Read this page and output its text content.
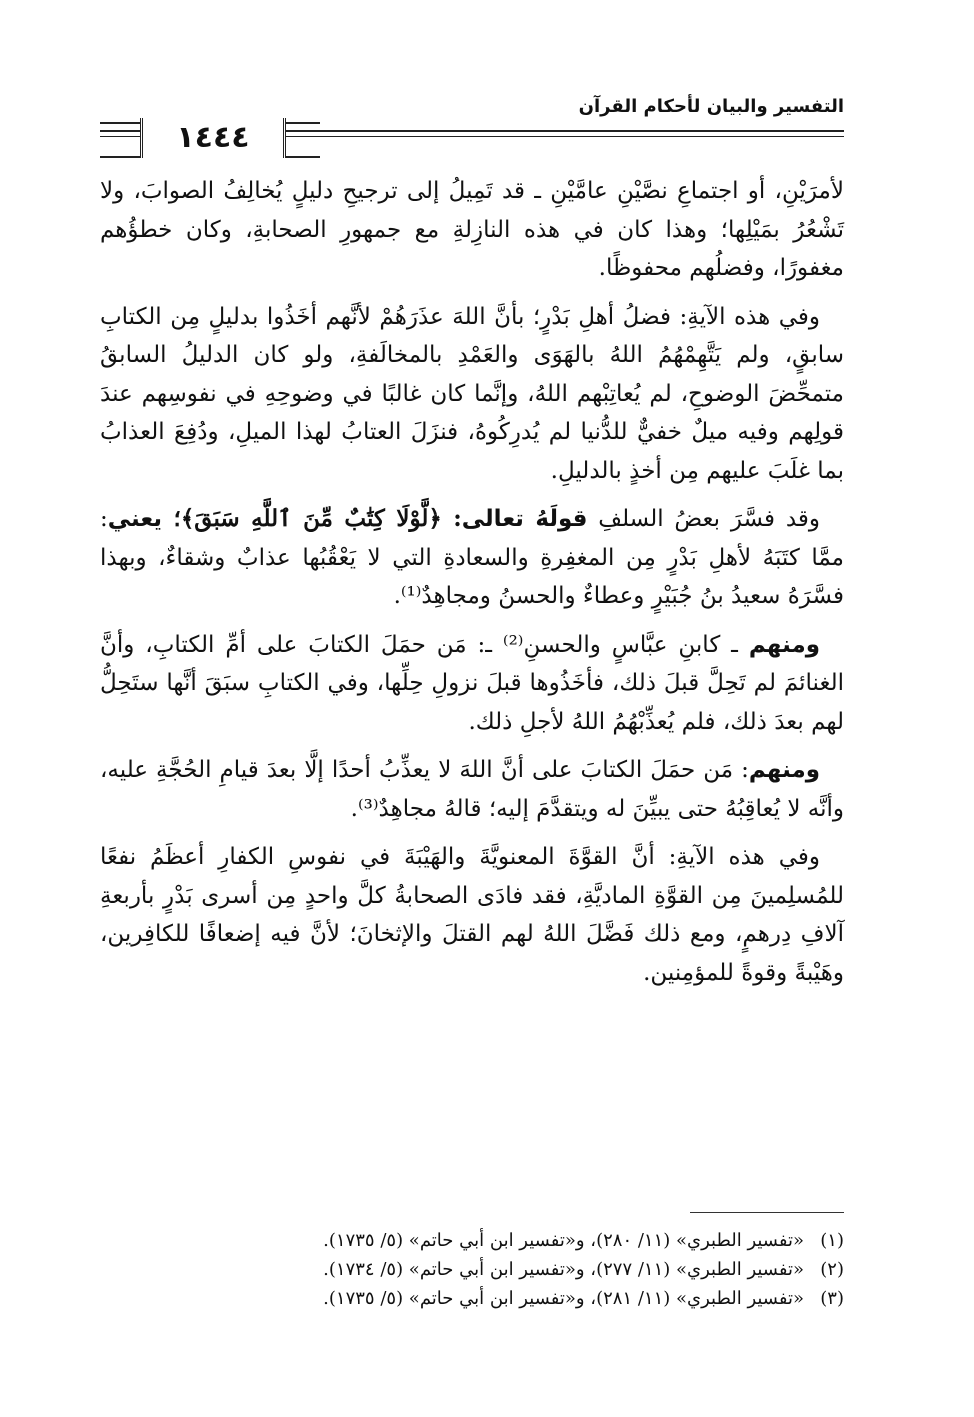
التفسير والبيان لأحكام القرآن
١٤٤٤

لأمرَيْنِ، أو اجتماعِ نصَّيْنِ عامَّيْنِ ـ قد تَمِيلُ إلى ترجيحِ دليلٍ يُخالِفُ الصوابَ، ولا تَشْعُرُ بمَيْلِها؛ وهذا كان في هذه النازِلةِ مع جمهورِ الصحابةِ، وكان خطؤُهم مغفورًا، وفضلُهم محفوظًا.

وفي هذه الآيةِ: فضلُ أهلِ بَدْرٍ؛ بأنَّ اللهَ عذَرَهُمْ لأنَّهم أخَذُوا بدليلٍ مِن الكتابِ سابقٍ، ولم يَتَّهِمْهُمُ اللهُ بالهَوَى والعَمْدِ بالمخالَفةِ، ولو كان الدليلُ السابقُ متمحِّضَ الوضوحِ، لم يُعاتِبْهم اللهُ، وإنَّما كان غالبًا في وضوحِهِ في نفوسِهم عندَ قولِهم وفيه ميلٌ خفيٌّ للدُّنيا لم يُدرِكُوهُ، فنزَلَ العتابُ لهذا الميلِ، ودُفِعَ العذابُ بما غلَبَ عليهم مِن أخذٍ بالدليلِ.

وقد فسَّرَ بعضُ السلفِ قولَهُ تعالى: ﴿لَّوْلَا كِتَٰبٌ مِّنَ ٱللَّهِ سَبَقَ﴾؛ يعني: ممَّا كتَبَهُ لأهلِ بَدْرٍ مِن المغفِرةِ والسعادةِ التي لا يَعْقُبُها عذابٌ وشقاءٌ، وبهذا فسَّرَهُ سعيدُ بنُ جُبَيْرٍ وعطاءٌ والحسنُ ومجاهِدٌ⁽¹⁾.

ومنهم ـ كابنِ عبَّاسٍ والحسنِ⁽²⁾ ـ: مَن حمَلَ الكتابَ على أمِّ الكتابِ، وأنَّ الغنائمَ لم تَحِلَّ قبلَ ذلك، فأخَذُوها قبلَ نزولِ حِلِّها، وفي الكتابِ سبَقَ أنَّها ستَحِلُّ لهم بعدَ ذلك، فلم يُعذِّبْهُمُ اللهُ لأجلِ ذلك.

ومنهم: مَن حمَلَ الكتابَ على أنَّ اللهَ لا يعذِّبُ أحدًا إلَّا بعدَ قيامِ الحُجَّةِ عليه، وأنَّه لا يُعاقِبُهُ حتى يبيِّنَ له ويتقدَّمَ إليه؛ قالهُ مجاهِدٌ⁽³⁾.

وفي هذه الآيةِ: أنَّ القوَّةَ المعنويَّةَ والهَيْبَةَ في نفوسِ الكفارِ أعظَمُ نفعًا للمُسلِمينَ مِن القوَّةِ الماديَّةِ، فقد فادَى الصحابةُ كلَّ واحدٍ مِن أسرى بَدْرٍ بأربعةِ آلافِ دِرهمٍ، ومع ذلك فَضَّلَ اللهُ لهم القتلَ والإثخانَ؛ لأنَّ فيه إضعافًا للكافِرين، وهَيْبةً وقوةً للمؤمِنين.

(١)«تفسير الطبري» (١١/ ٢٨٠)، و«تفسير ابن أبي حاتم» (٥/ ١٧٣٥).

(٢)«تفسير الطبري» (١١/ ٢٧٧)، و«تفسير ابن أبي حاتم» (٥/ ١٧٣٤).

(٣)«تفسير الطبري» (١١/ ٢٨١)، و«تفسير ابن أبي حاتم» (٥/ ١٧٣٥).
